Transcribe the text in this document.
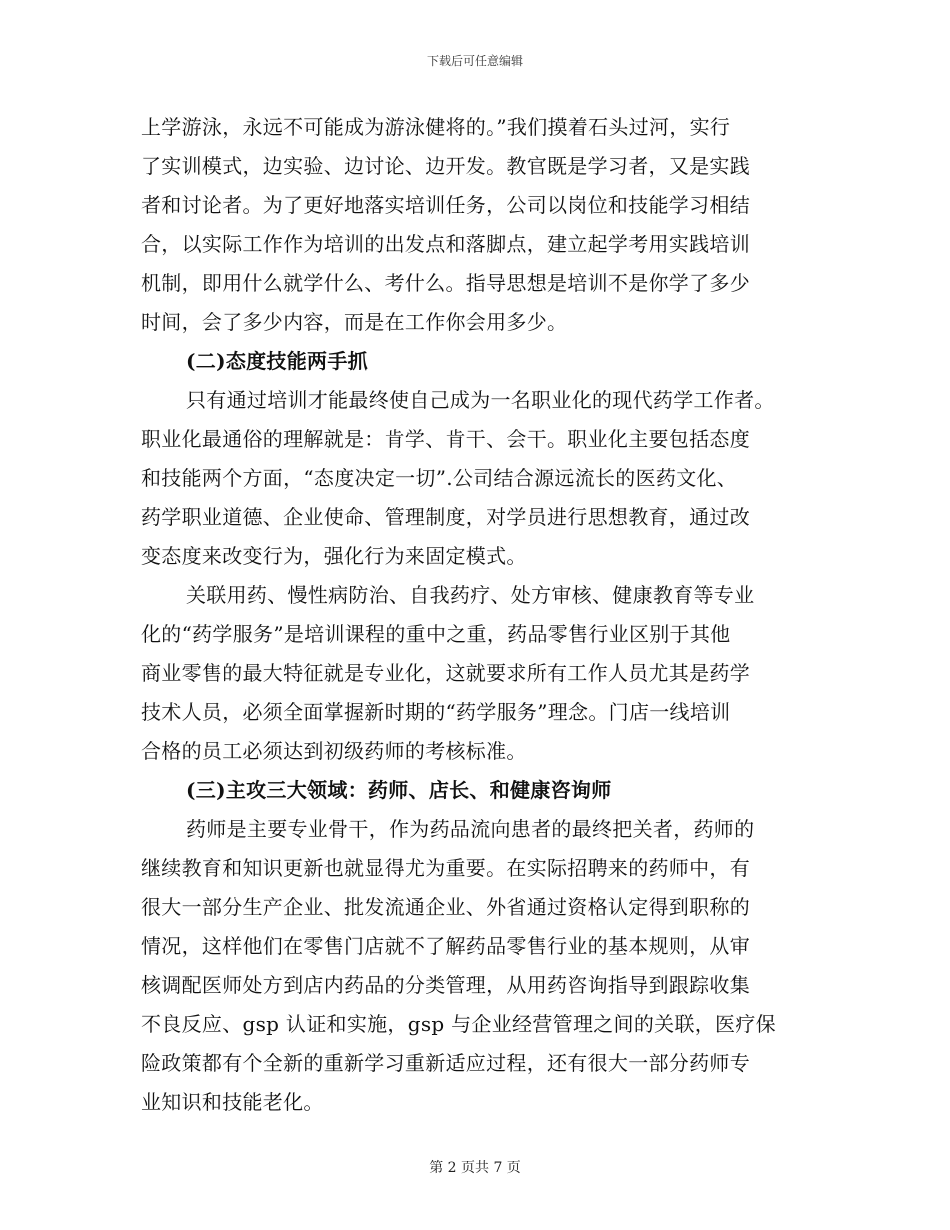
下载后可任意编辑
上学游泳，永远不可能成为游泳健将的。”我们摸着石头过河，实行
了实训模式，边实验、边讨论、边开发。教官既是学习者，又是实践
者和讨论者。为了更好地落实培训任务，公司以岗位和技能学习相结
合，以实际工作作为培训的出发点和落脚点，建立起学考用实践培训
机制，即用什么就学什么、考什么。指导思想是培训不是你学了多少
时间，会了多少内容，而是在工作你会用多少。
(二)态度技能两手抓
只有通过培训才能最终使自己成为一名职业化的现代药学工作者。
职业化最通俗的理解就是：肯学、肯干、会干。职业化主要包括态度
和技能两个方面，“态度决定一切”.公司结合源远流长的医药文化、
药学职业道德、企业使命、管理制度，对学员进行思想教育，通过改
变态度来改变行为，强化行为来固定模式。
关联用药、慢性病防治、自我药疗、处方审核、健康教育等专业
化的“药学服务”是培训课程的重中之重，药品零售行业区别于其他
商业零售的最大特征就是专业化，这就要求所有工作人员尤其是药学
技术人员，必须全面掌握新时期的“药学服务”理念。门店一线培训
合格的员工必须达到初级药师的考核标准。
(三)主攻三大领域：药师、店长、和健康咨询师
药师是主要专业骨干，作为药品流向患者的最终把关者，药师的
继续教育和知识更新也就显得尤为重要。在实际招聘来的药师中，有
很大一部分生产企业、批发流通企业、外省通过资格认定得到职称的
情况，这样他们在零售门店就不了解药品零售行业的基本规则，从审
核调配医师处方到店内药品的分类管理，从用药咨询指导到跟踪收集
不良反应、gsp 认证和实施，gsp 与企业经营管理之间的关联，医疗保
险政策都有个全新的重新学习重新适应过程，还有很大一部分药师专
业知识和技能老化。
第 2 页共 7 页
